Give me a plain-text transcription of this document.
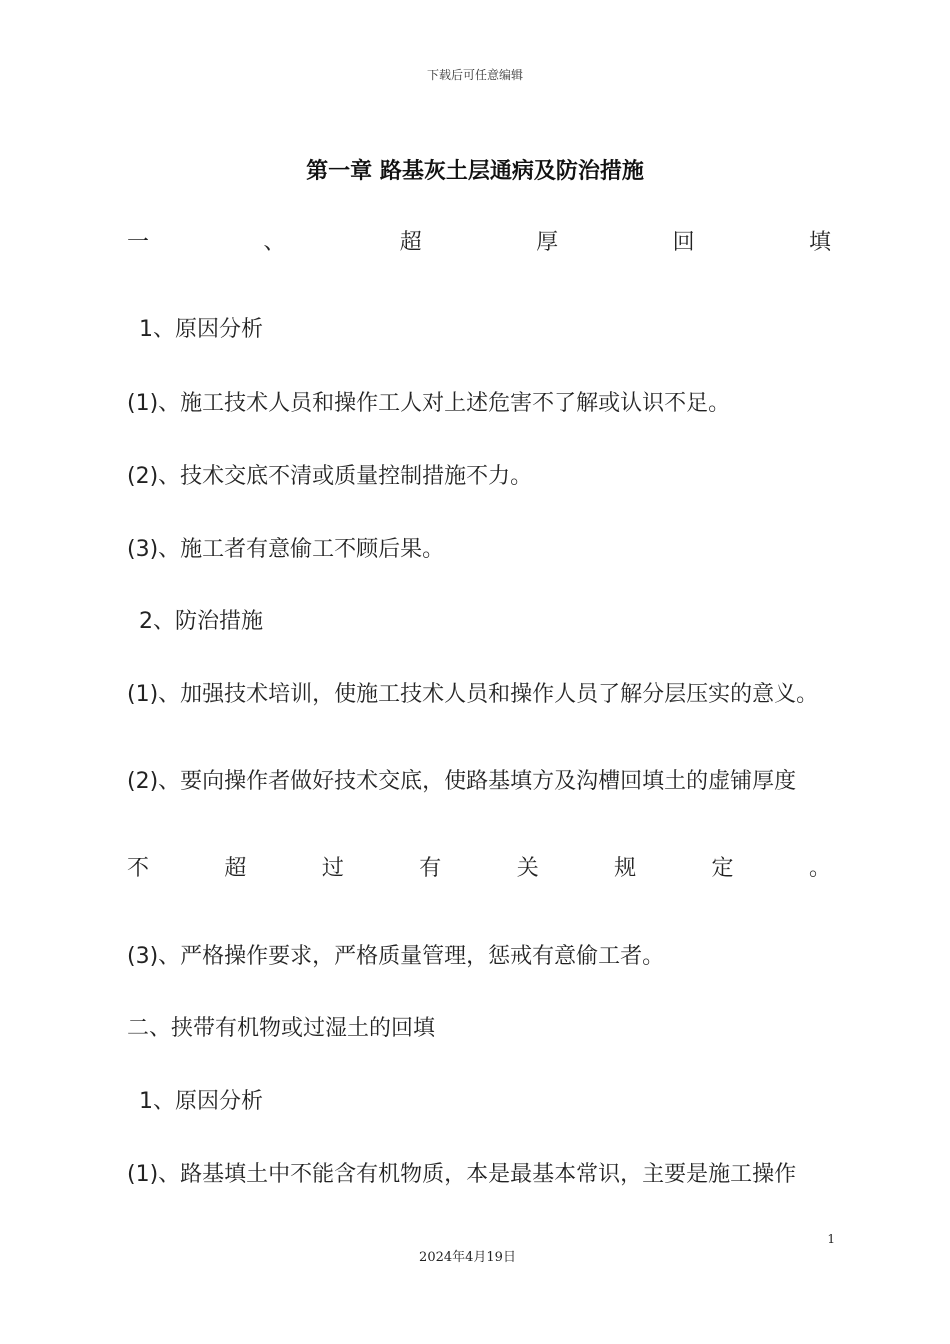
下载后可任意编辑
第一章 路基灰土层通病及防治措施
一	、	超	厚	回	填
1、原因分析
(1)、施工技术人员和操作工人对上述危害不了解或认识不足。
(2)、技术交底不清或质量控制措施不力。
(3)、施工者有意偷工不顾后果。
2、防治措施
(1)、加强技术培训，使施工技术人员和操作人员了解分层压实的意义。
(2)、要向操作者做好技术交底，使路基填方及沟槽回填土的虚铺厚度
不	超	过	有	关	规	定	。
(3)、严格操作要求，严格质量管理，惩戒有意偷工者。
二、挟带有机物或过湿土的回填
1、原因分析
(1)、路基填土中不能含有机物质，本是最基本常识，主要是施工操作
1
2024年4月19日
